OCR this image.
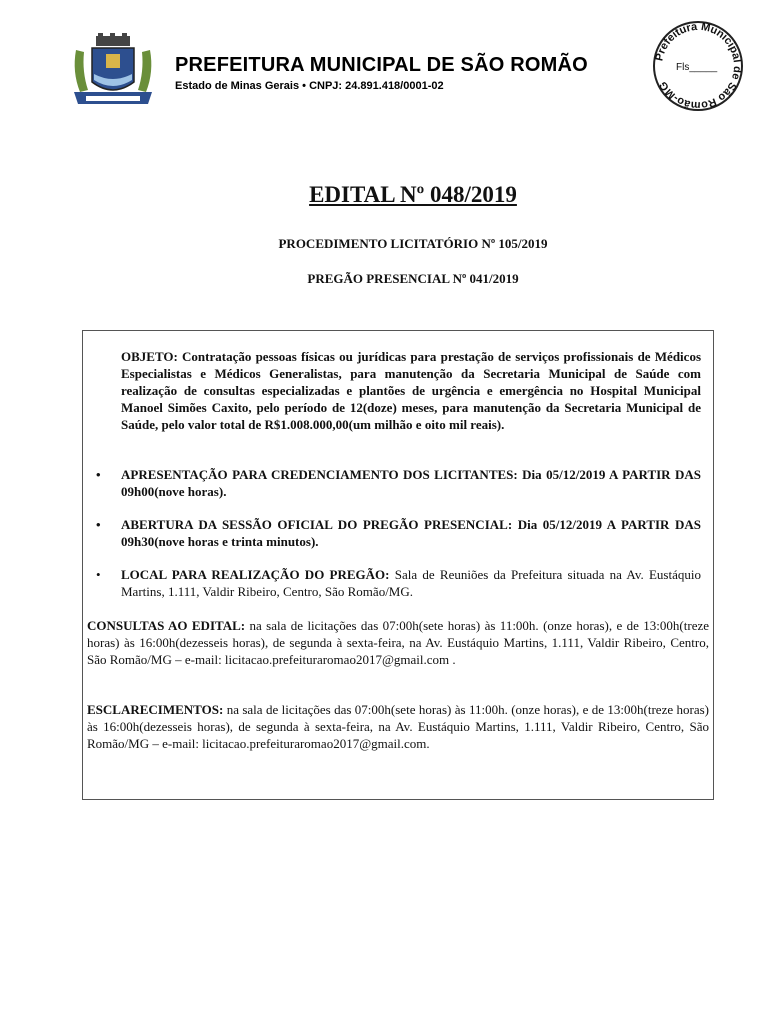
PREFEITURA MUNICIPAL DE SÃO ROMÃO
Estado de Minas Gerais • CNPJ: 24.891.418/0001-02
Prefeitura Municipal de São Romão-MG
Fls_____
EDITAL Nº 048/2019
PROCEDIMENTO LICITATÓRIO Nº 105/2019
PREGÃO PRESENCIAL Nº 041/2019
OBJETO: Contratação pessoas físicas ou jurídicas para prestação de serviços profissionais de Médicos Especialistas e Médicos Generalistas, para manutenção da Secretaria Municipal de Saúde com realização de consultas especializadas e plantões de urgência e emergência no Hospital Municipal Manoel Simões Caxito, pelo período de 12(doze) meses, para manutenção da Secretaria Municipal de Saúde, pelo valor total de R$1.008.000,00(um milhão e oito mil reais).
• APRESENTAÇÃO PARA CREDENCIAMENTO DOS LICITANTES: Dia 05/12/2019 A PARTIR DAS 09h00(nove horas).
• ABERTURA DA SESSÃO OFICIAL DO PREGÃO PRESENCIAL: Dia 05/12/2019 A PARTIR DAS 09h30(nove horas e trinta minutos).
• LOCAL PARA REALIZAÇÃO DO PREGÃO: Sala de Reuniões da Prefeitura situada na Av. Eustáquio Martins, 1.111, Valdir Ribeiro, Centro, São Romão/MG.
CONSULTAS AO EDITAL: na sala de licitações das 07:00h(sete horas) às 11:00h. (onze horas), e de 13:00h(treze horas) às 16:00h(dezesseis horas), de segunda à sexta-feira, na Av. Eustáquio Martins, 1.111, Valdir Ribeiro, Centro, São Romão/MG – e-mail: licitacao.prefeituraromao2017@gmail.com .
ESCLARECIMENTOS: na sala de licitações das 07:00h(sete horas) às 11:00h. (onze horas), e de 13:00h(treze horas) às 16:00h(dezesseis horas), de segunda à sexta-feira, na Av. Eustáquio Martins, 1.111, Valdir Ribeiro, Centro, São Romão/MG – e-mail: licitacao.prefeituraromao2017@gmail.com.
